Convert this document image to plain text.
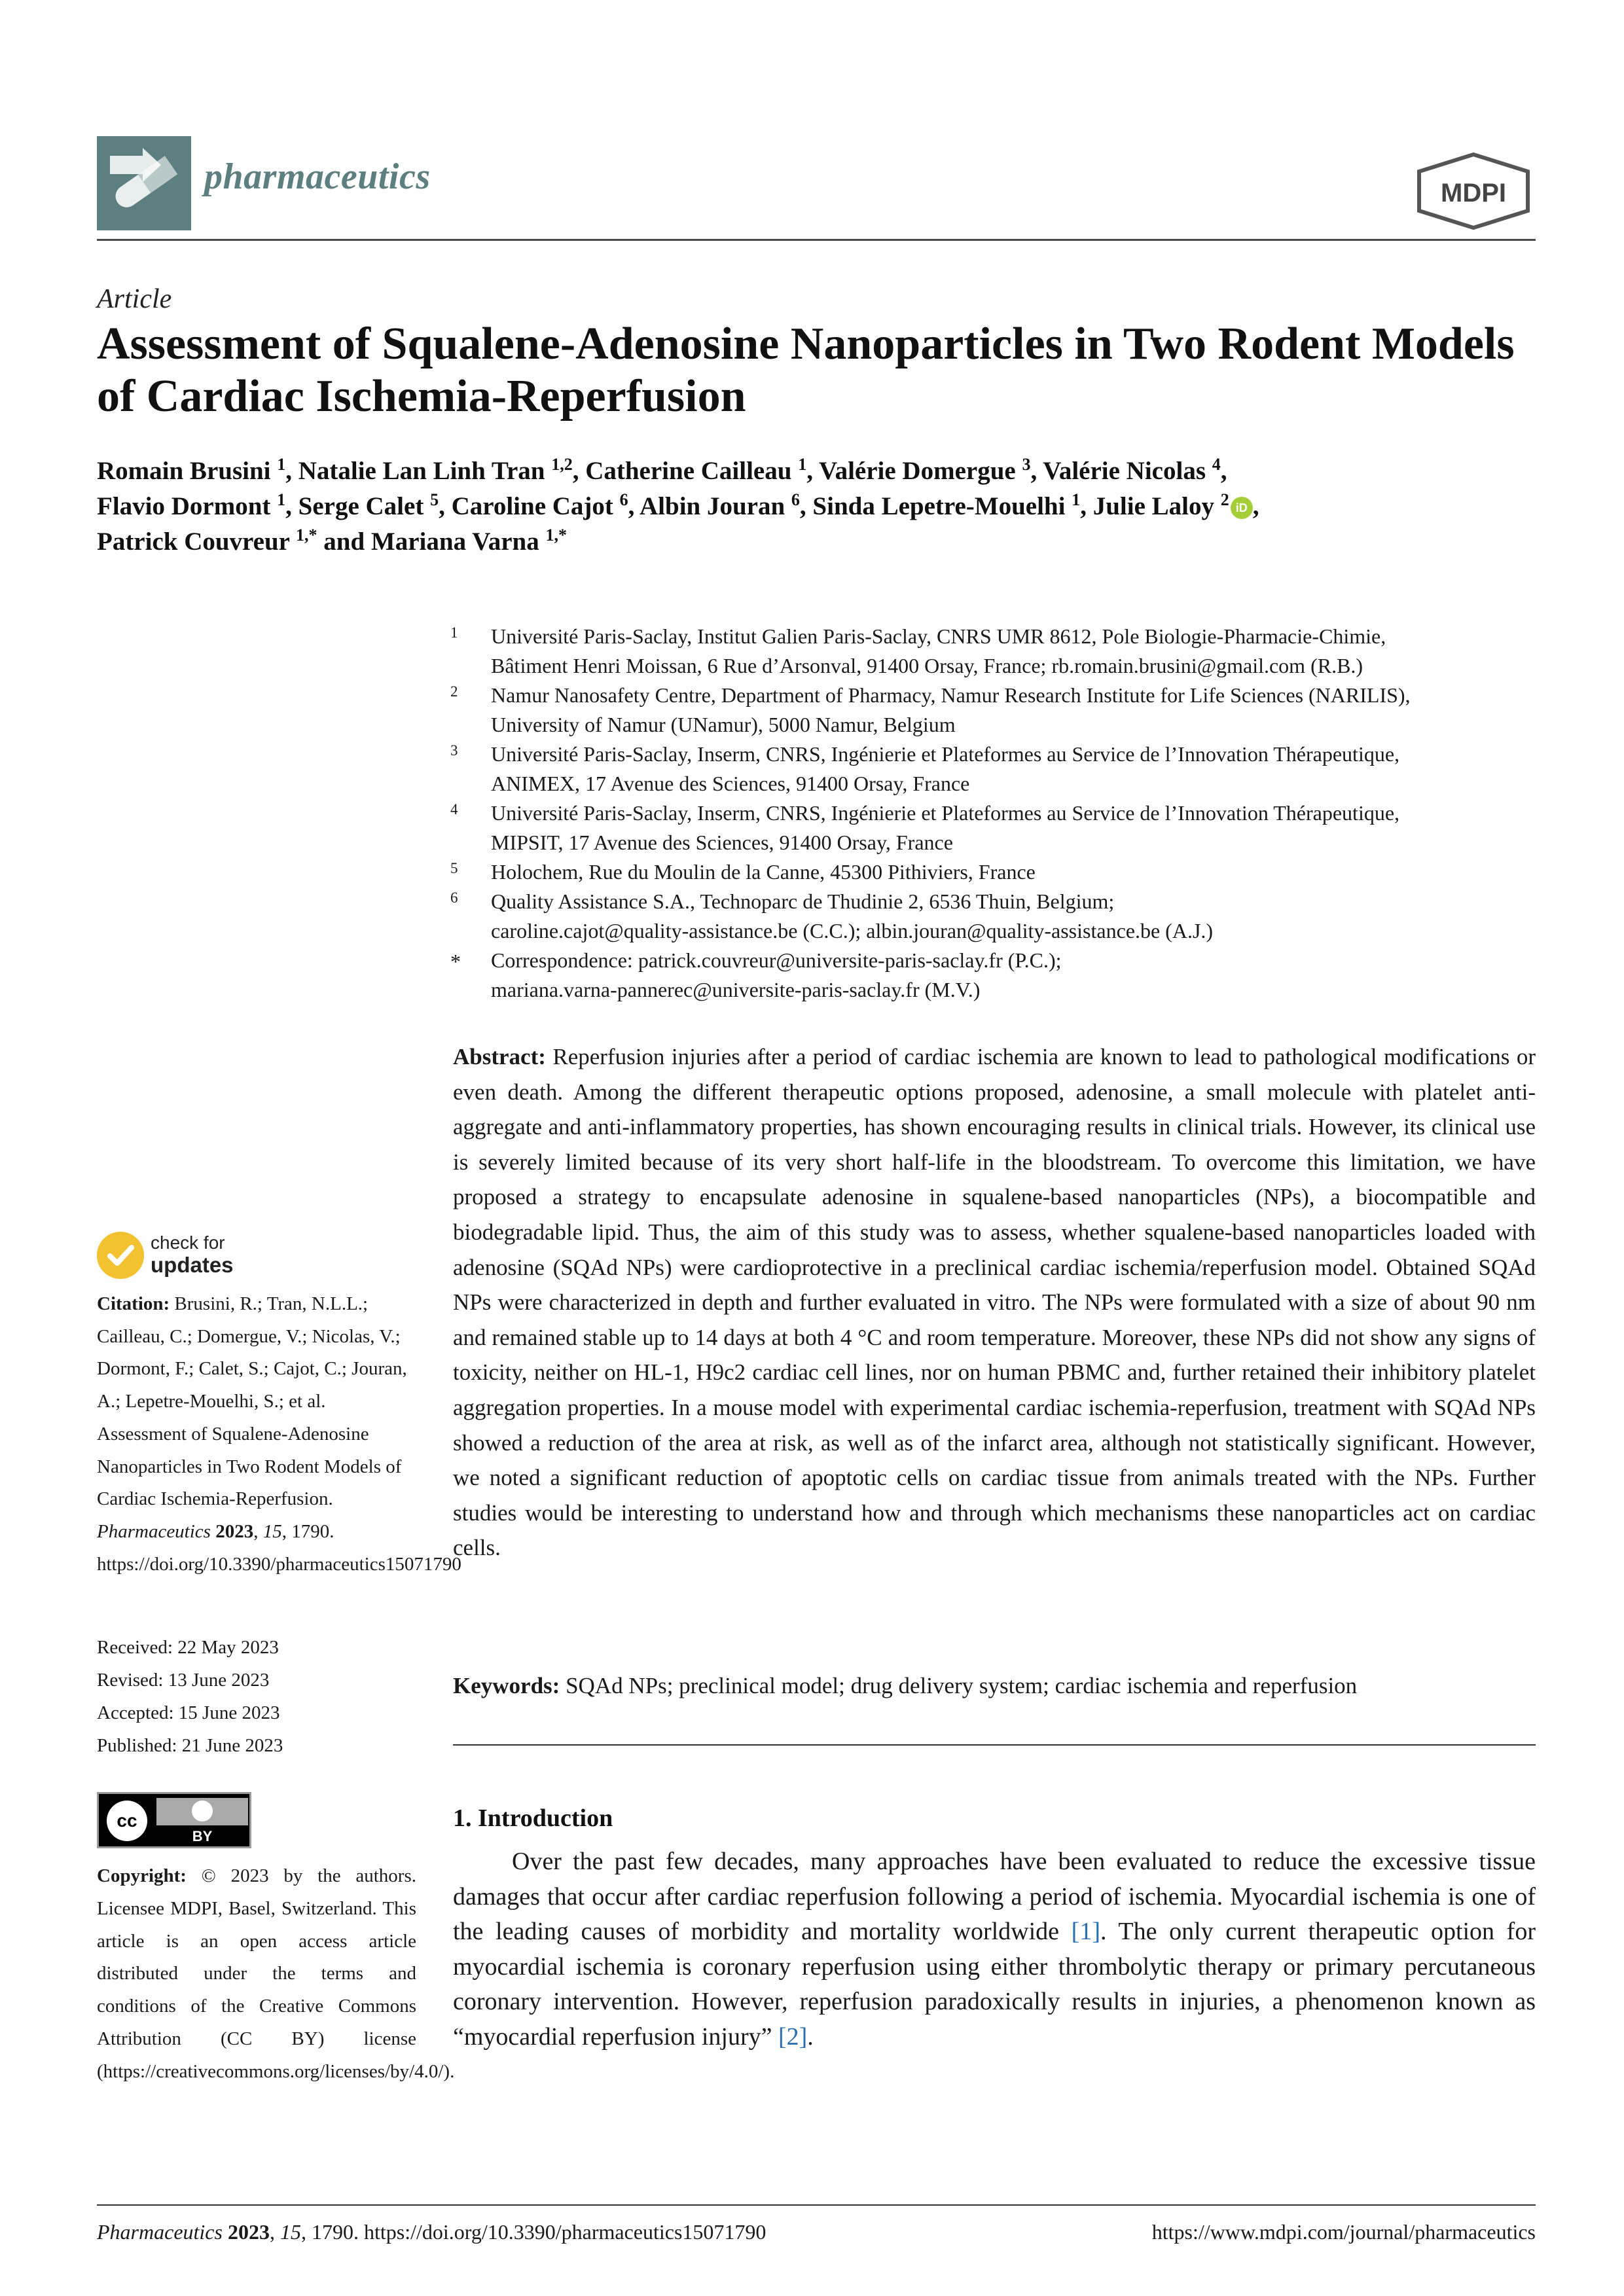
pharmaceutics	MDPI
Article
Assessment of Squalene-Adenosine Nanoparticles in Two Rodent Models of Cardiac Ischemia-Reperfusion
Romain Brusini $^1$, Natalie Lan Linh Tran $^{1,2}$, Catherine Cailleau $^1$, Valérie Domergue $^3$, Valérie Nicolas $^4$,
Flavio Dormont $^1$, Serge Calet $^5$, Caroline Cajot $^6$, Albin Jouran $^6$, Sinda Lepetre-Mouelhi $^1$, Julie Laloy $^2$ iD ,
Patrick Couvreur $^{1,*}$ and Mariana Varna $^{1,*}$
1 Université Paris-Saclay, Institut Galien Paris-Saclay, CNRS UMR 8612, Pole Biologie-Pharmacie-Chimie,
Bâtiment Henri Moissan, 6 Rue d’Arsonval, 91400 Orsay, France; rb.romain.brusini@gmail.com (R.B.)
2 Namur Nanosafety Centre, Department of Pharmacy, Namur Research Institute for Life Sciences (NARILIS),
University of Namur (UNamur), 5000 Namur, Belgium
3 Université Paris-Saclay, Inserm, CNRS, Ingénierie et Plateformes au Service de l’Innovation Thérapeutique,
ANIMEX, 17 Avenue des Sciences, 91400 Orsay, France
4 Université Paris-Saclay, Inserm, CNRS, Ingénierie et Plateformes au Service de l’Innovation Thérapeutique,
MIPSIT, 17 Avenue des Sciences, 91400 Orsay, France
5 Holochem, Rue du Moulin de la Canne, 45300 Pithiviers, France
6 Quality Assistance S.A., Technoparc de Thudinie 2, 6536 Thuin, Belgium;
caroline.cajot@quality-assistance.be (C.C.); albin.jouran@quality-assistance.be (A.J.)
* Correspondence: patrick.couvreur@universite-paris-saclay.fr (P.C.);
mariana.varna-pannerec@universite-paris-saclay.fr (M.V.)

Abstract: Reperfusion injuries after a period of cardiac ischemia are known to lead to pathological modifications or even death. Among the different therapeutic options proposed, adenosine, a small molecule with platelet anti-aggregate and anti-inflammatory properties, has shown encouraging results in clinical trials. However, its clinical use is severely limited because of its very short half-life in the bloodstream. To overcome this limitation, we have proposed a strategy to encapsulate adenosine in squalene-based nanoparticles (NPs), a biocompatible and biodegradable lipid. Thus, the aim of this study was to assess, whether squalene-based nanoparticles loaded with adenosine (SQAd NPs) were cardioprotective in a preclinical cardiac ischemia/reperfusion model. Obtained SQAd NPs were characterized in depth and further evaluated in vitro. The NPs were formulated with a size of about 90 nm and remained stable up to 14 days at both 4 °C and room temperature. Moreover, these NPs did not show any signs of toxicity, neither on HL-1, H9c2 cardiac cell lines, nor on human PBMC and, further retained their inhibitory platelet aggregation properties. In a mouse model with experimental cardiac ischemia-reperfusion, treatment with SQAd NPs showed a reduction of the area at risk, as well as of the infarct area, although not statistically significant. However, we noted a significant reduction of apoptotic cells on cardiac tissue from animals treated with the NPs. Further studies would be interesting to understand how and through which mechanisms these nanoparticles act on cardiac cells.

Keywords: SQAd NPs; preclinical model; drug delivery system; cardiac ischemia and reperfusion

1. Introduction

Over the past few decades, many approaches have been evaluated to reduce the excessive tissue damages that occur after cardiac reperfusion following a period of ischemia. Myocardial ischemia is one of the leading causes of morbidity and mortality worldwide [1]. The only current therapeutic option for myocardial ischemia is coronary reperfusion using either thrombolytic therapy or primary percutaneous coronary intervention. However, reperfusion paradoxically results in injuries, a phenomenon known as “myocardial reperfusion injury” [2].

check for
updates

Citation: Brusini, R.; Tran, N.L.L.; Cailleau, C.; Domergue, V.; Nicolas, V.; Dormont, F.; Calet, S.; Cajot, C.; Jouran, A.; Lepetre-Mouelhi, S.; et al. Assessment of Squalene-Adenosine Nanoparticles in Two Rodent Models of Cardiac Ischemia-Reperfusion. Pharmaceutics 2023, 15, 1790. https://doi.org/10.3390/pharmaceutics15071790

Received: 22 May 2023
Revised: 13 June 2023
Accepted: 15 June 2023
Published: 21 June 2023
cc
BY

Copyright: © 2023 by the authors. Licensee MDPI, Basel, Switzerland. This article is an open access article distributed under the terms and conditions of the Creative Commons Attribution (CC BY) license (https://creativecommons.org/licenses/by/4.0/).

Pharmaceutics 2023, 15, 1790. https://doi.org/10.3390/pharmaceutics15071790	https://www.mdpi.com/journal/pharmaceutics
